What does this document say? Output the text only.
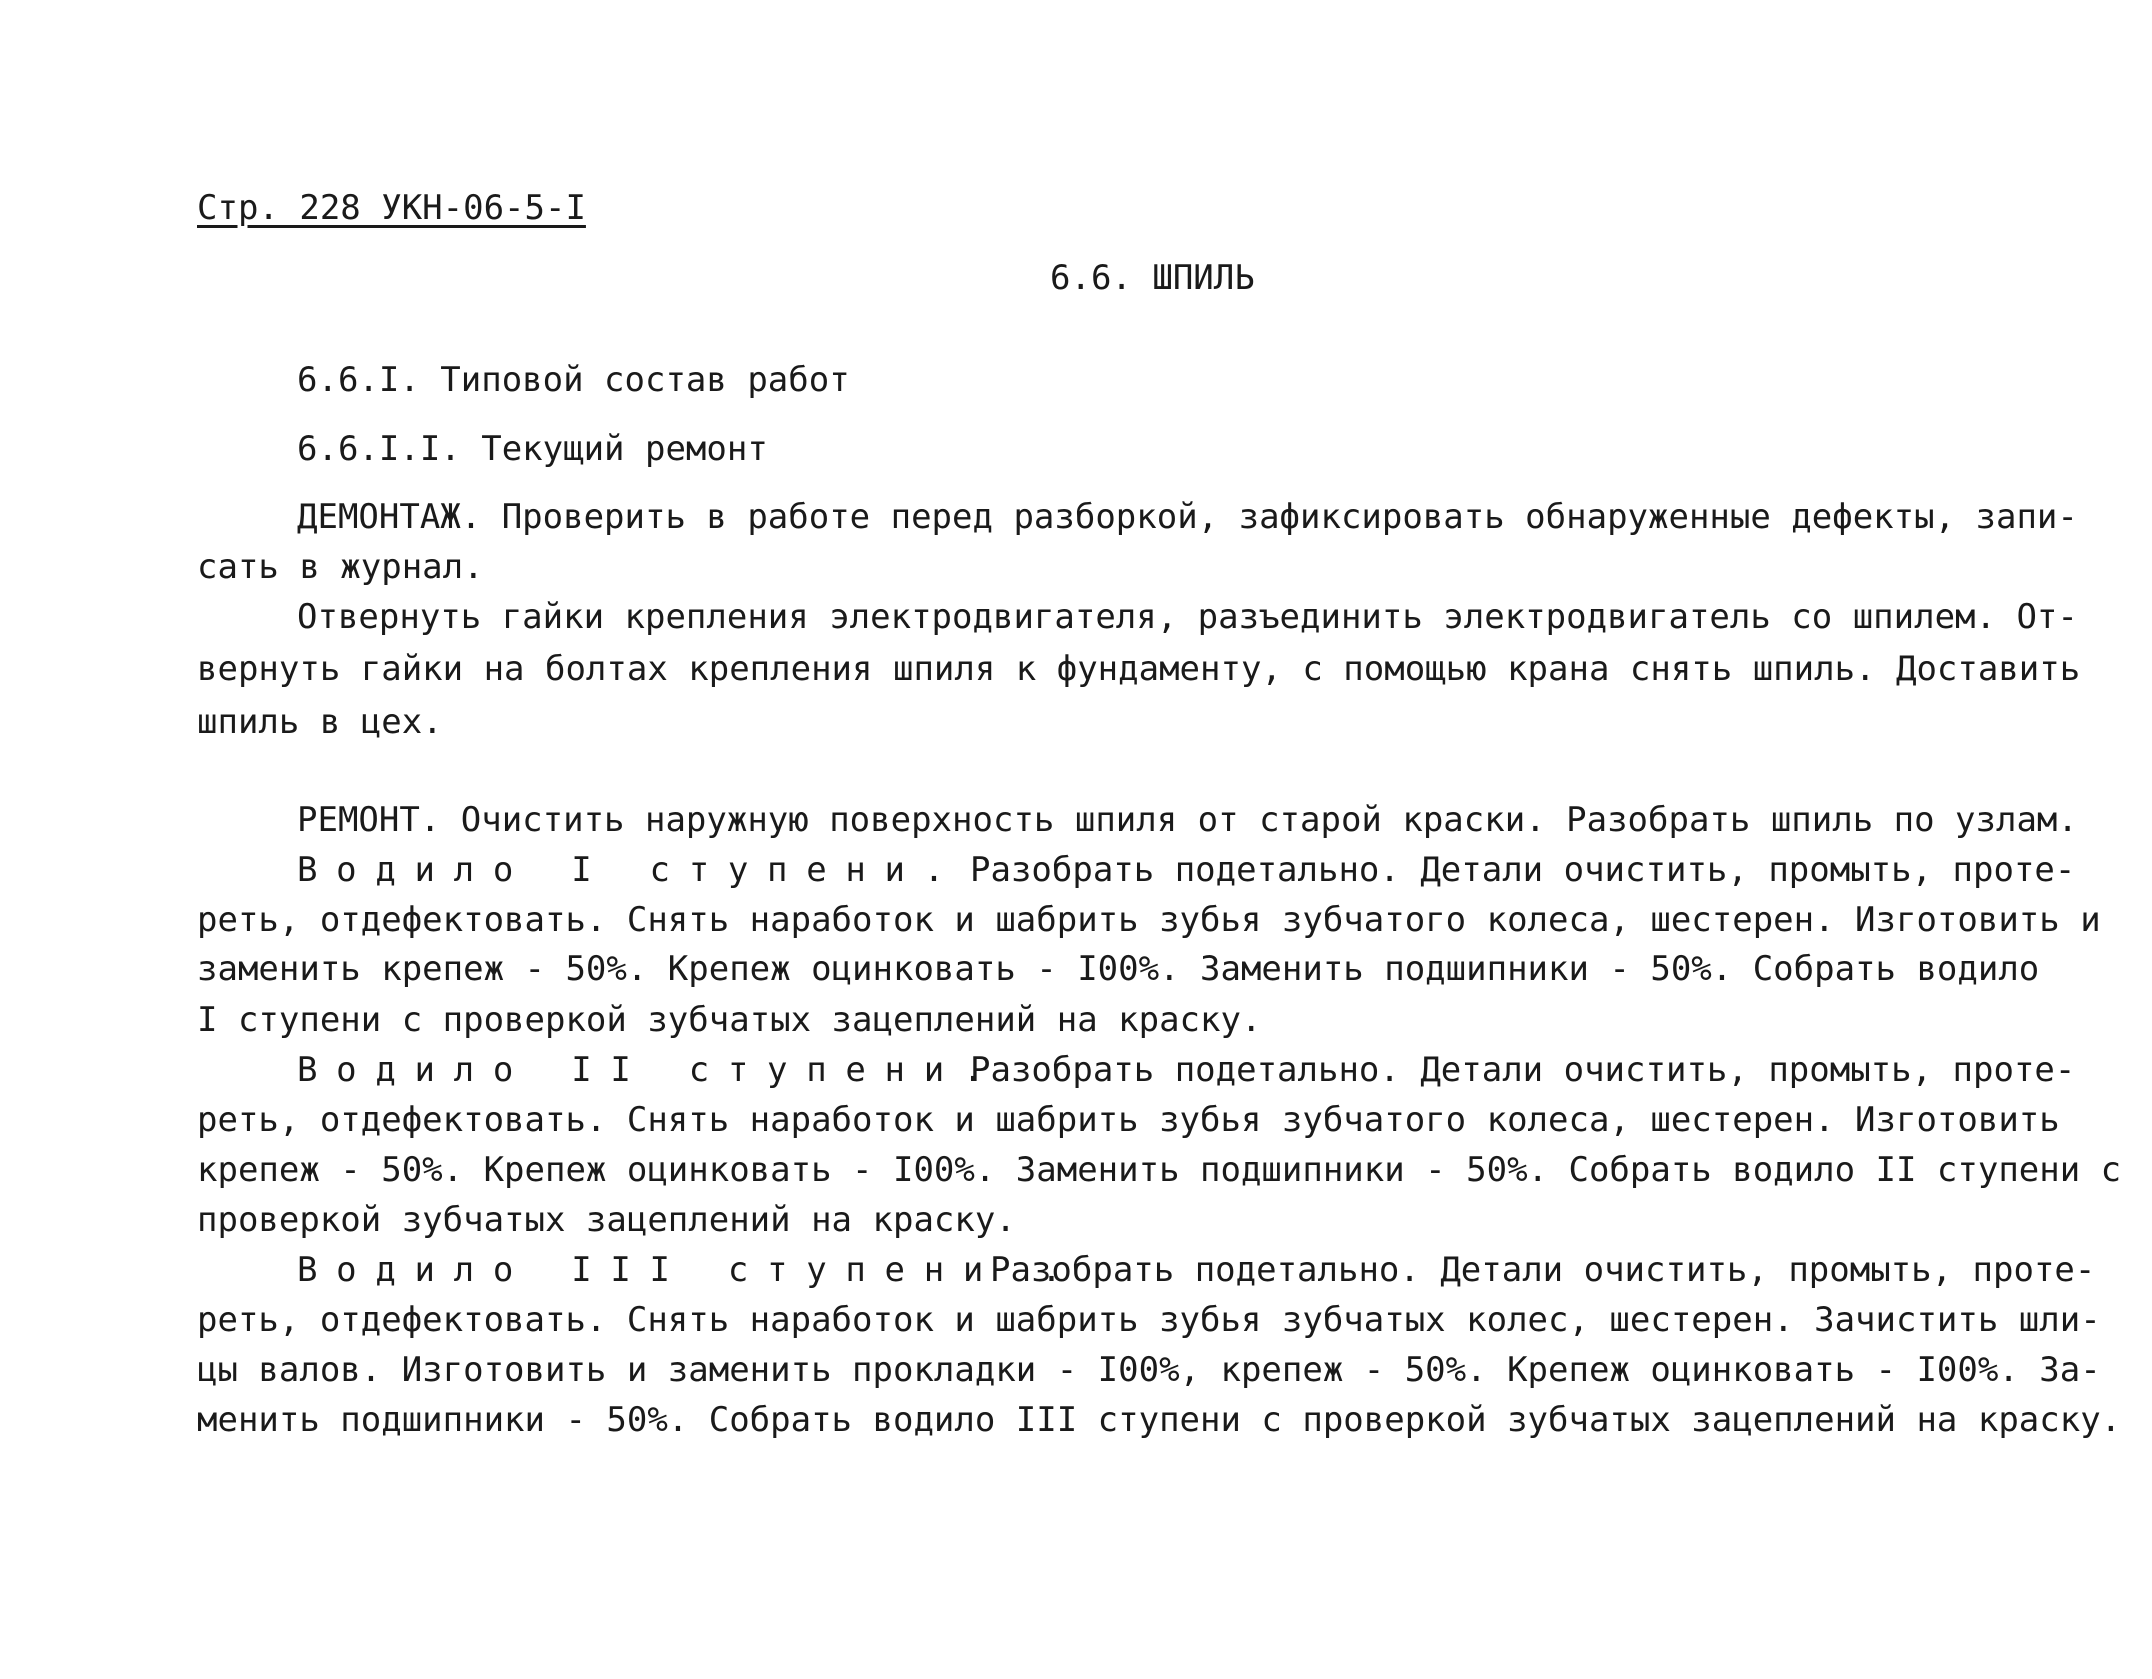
Стр. 228 УКН-06-5-I
6.6. ШПИЛЬ
6.6.I. Типовой состав работ
6.6.I.I. Текущий ремонт
ДЕМОНТАЖ. Проверить в работе перед разборкой, зафиксировать обнаруженные дефекты, запи-
сать в журнал.
Отвернуть гайки крепления электродвигателя, разъединить электродвигатель со шпилем. От-
вернуть гайки на болтах крепления шпиля к фундаменту, с помощью крана снять шпиль. Доставить
шпиль в цех.
РЕМОНТ. Очистить наружную поверхность шпиля от старой краски. Разобрать шпиль по узлам.
Водило I ступени. Разобрать подетально. Детали очистить, промыть, проте-
реть, отдефектовать. Снять наработок и шабрить зубья зубчатого колеса, шестерен. Изготовить и
заменить крепеж - 50%. Крепеж оцинковать - I00%. Заменить подшипники - 50%. Собрать водило
I ступени с проверкой зубчатых зацеплений на краску.
Водило II ступени.
Разобрать подетально. Детали очистить, промыть, проте-
реть, отдефектовать. Снять наработок и шабрить зубья зубчатого колеса, шестерен. Изготовить
крепеж - 50%. Крепеж оцинковать - I00%. Заменить подшипники - 50%. Собрать водило II ступени с
проверкой зубчатых зацеплений на краску.
Водило III ступени .
Разобрать подетально. Детали очистить, промыть, проте-
реть, отдефектовать. Снять наработок и шабрить зубья зубчатых колес, шестерен. Зачистить шли-
цы валов. Изготовить и заменить прокладки - I00%, крепеж - 50%. Крепеж оцинковать - I00%. За-
менить подшипники - 50%. Собрать водило III ступени с проверкой зубчатых зацеплений на краску.
